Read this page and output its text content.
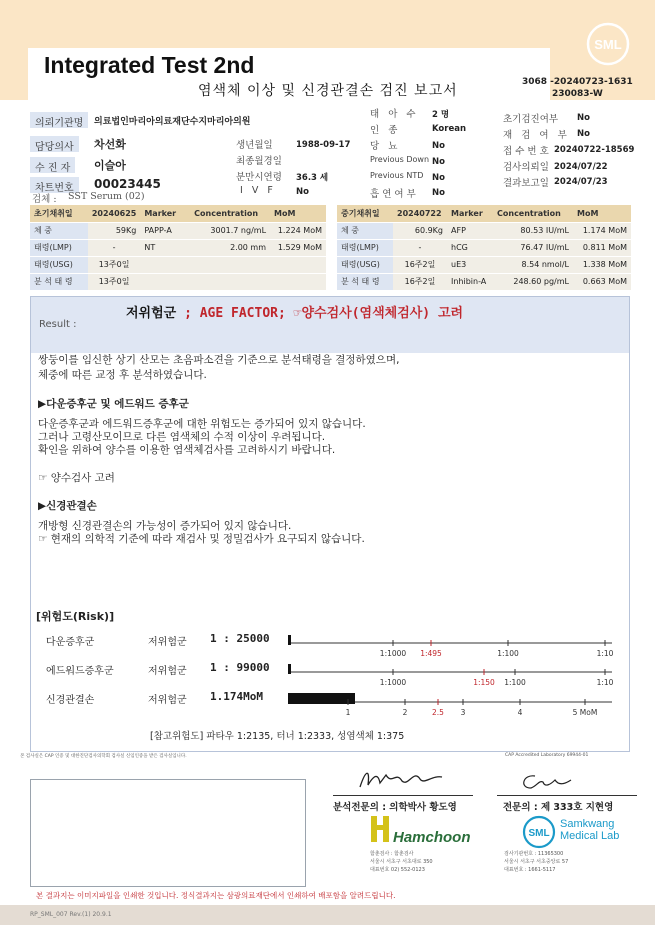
SML
Integrated Test 2nd
염색체 이상 및 신경관결손 검진 보고서
3068 -20240723-1631
230083-W
의뢰기관명	의료법인마리아의료재단수지마리아의원
담당의사	차선화
수 진 자	이슬아
차트번호	00023445
검체 : SST Serum (02)
생년월일	1988-09-17
최종월경일
분만시연령 36.3 세
I V F No
태 아 수 2 명
인 종	Korean
당 뇨	No
Previous Down No
Previous NTD No
흡 연 여 부 No
초기검진여부 No
재 검 여 부 No
접 수 번 호 20240722-18569
검사의뢰일 2024/07/22
결과보고일 2024/07/23
초기채취일	20240625	Marker	Concentration	MoM
체 중	59Kg	PAPP-A	3001.7 ng/mL	1.224 MoM
태령(LMP)	-	NT	2.00 mm	1.529 MoM
태령(USG)	13주0일			
분 석 태 령	13주0일			
중기채취일	20240722	Marker	Concentration	MoM
체 중	60.9Kg	AFP	80.53 IU/mL	1.174 MoM
태령(LMP)	-	hCG	76.47 IU/mL	0.811 MoM
태령(USG)	16주2일	uE3	8.54 nmol/L	1.338 MoM
분 석 태 령	16주2일	Inhibin-A	248.60 pg/mL	0.663 MoM
Result :
저위험군 ; AGE FACTOR; ☞양수검사(염색체검사) 고려
쌍둥이를 임신한 상기 산모는 초음파소견을 기준으로 분석태령을 결정하였으며,
체중에 따른 교정 후 분석하였습니다.
▶다운증후군 및 에드워드 증후군
다운증후군과 에드워드증후군에 대한 위험도는 증가되어 있지 않습니다.
그러나 고령산모이므로 다른 염색체의 수적 이상이 우려됩니다.
확인을 위하여 양수를 이용한 염색체검사를 고려하시기 바랍니다.
☞ 양수검사 고려
▶신경관결손
개방형 신경관결손의 가능성이 증가되어 있지 않습니다.
☞ 현재의 의학적 기준에 따라 재검사 및 정밀검사가 요구되지 않습니다.
[위험도(Risk)]
다운증후군	저위험군 1 : 25000
에드워드증후군	저위험군 1 : 99000
신경관결손	저위험군 1.174MoM
1:1000 1:495	1:100	1:10
1:1000	1:150 1:100	1:10
1	2	2.5 3	4	5 MoM
[참고위험도] 파타우 1:2135, 터너 1:2333, 성염색체 1:375
본 검사실은 CAP 인증 및 대한진단검사의학회 검사실 신임인증을 받은 검사실입니다.	CAP Accredited Laboratory 69944-01
분석전문의 : 의학박사 황도영	전문의 : 제 333호 지현영
Hamchoon
함춘검사 : 함춘검사
서울시 서초구 서초대로 350
대표번호 02) 552-0123
SML
Samkwang
Medical Lab
검사기관번호 : 11365300
서울시 서초구 서초중앙로 57
대표번호 : 1661-5117
본 결과지는 이미지파일을 인쇄한 것입니다. 정식결과지는 삼광의료재단에서 인쇄하여 배포함을 알려드립니다.
RP_SML_007 Rev.(1) 20.9.1
